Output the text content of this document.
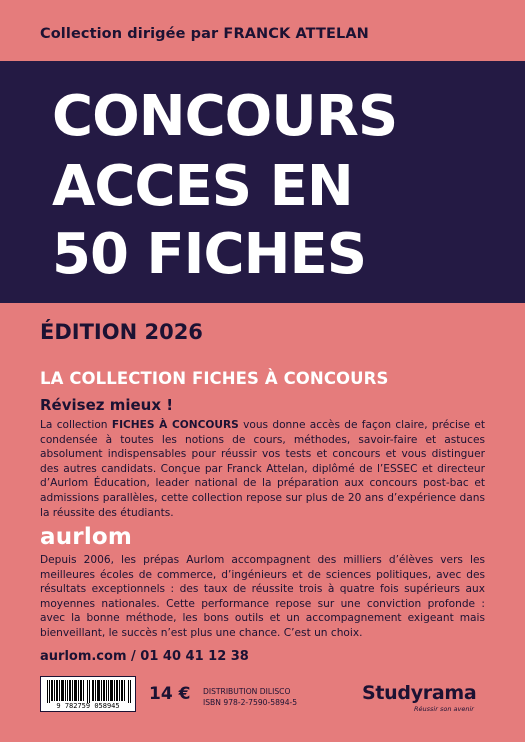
Collection dirigée par FRANCK ATTELAN
CONCOURS
ACCES EN
50 FICHES
ÉDITION 2026
LA COLLECTION FICHES À CONCOURS
Révisez mieux !

La collection FICHES À CONCOURS vous donne accès de façon claire, précise et condensée à toutes les notions de cours, méthodes, savoir-faire et astuces absolument indispensables pour réussir vos tests et concours et vous distinguer des autres candidats. Conçue par Franck Attelan, diplômé de l’ESSEC et directeur d’Aurlom Éducation, leader national de la préparation aux concours post-bac et admissions parallèles, cette collection repose sur plus de 20 ans d’expérience dans la réussite des étudiants.

aurlom

Depuis 2006, les prépas Aurlom accompagnent des milliers d’élèves vers les meilleures écoles de commerce, d’ingénieurs et de sciences politiques, avec des résultats exceptionnels : des taux de réussite trois à quatre fois supérieurs aux moyennes nationales. Cette performance repose sur une conviction profonde : avec la bonne méthode, les bons outils et un accompagnement exigeant mais bienveillant, le succès n’est plus une chance. C’est un choix.

aurlom.com / 01 40 41 12 38
9 782759 058945
14 € DISTRIBUTION DILISCO
ISBN 978-2-7590-5894-5	Studyrama
Réussir son avenir
